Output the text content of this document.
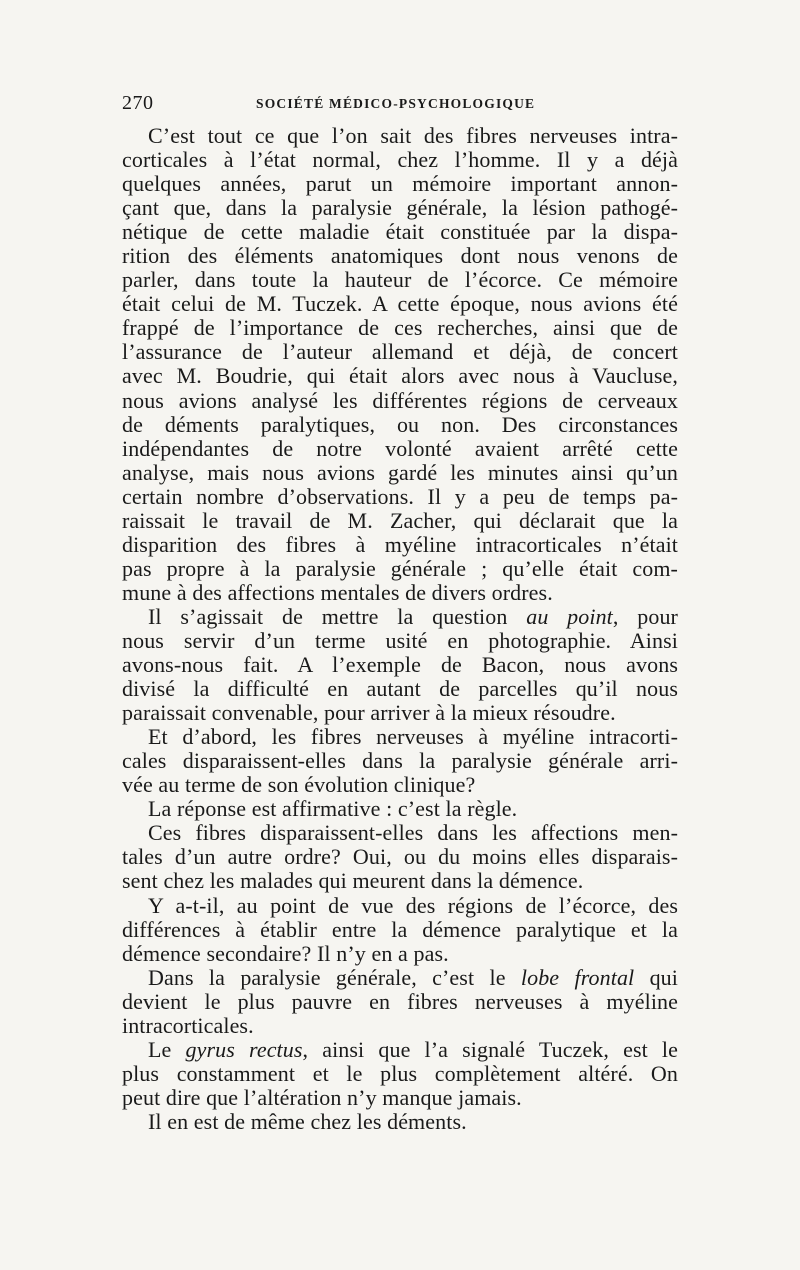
270	SOCIÉTÉ MÉDICO-PSYCHOLOGIQUE
C’est tout ce que l’on sait des fibres nerveuses intra-
corticales à l’état normal, chez l’homme. Il y a déjà
quelques années, parut un mémoire important annon-
çant que, dans la paralysie générale, la lésion pathogé-
nétique de cette maladie était constituée par la dispa-
rition des éléments anatomiques dont nous venons de
parler, dans toute la hauteur de l’écorce. Ce mémoire
était celui de M. Tuczek. A cette époque, nous avions été
frappé de l’importance de ces recherches, ainsi que de
l’assurance de l’auteur allemand et déjà, de concert
avec M. Boudrie, qui était alors avec nous à Vaucluse,
nous avions analysé les différentes régions de cerveaux
de déments paralytiques, ou non. Des circonstances
indépendantes de notre volonté avaient arrêté cette
analyse, mais nous avions gardé les minutes ainsi qu’un
certain nombre d’observations. Il y a peu de temps pa-
raissait le travail de M. Zacher, qui déclarait que la
disparition des fibres à myéline intracorticales n’était
pas propre à la paralysie générale ; qu’elle était com-
mune à des affections mentales de divers ordres.
Il s’agissait de mettre la question au point, pour
nous servir d’un terme usité en photographie. Ainsi
avons-nous fait. A l’exemple de Bacon, nous avons
divisé la difficulté en autant de parcelles qu’il nous
paraissait convenable, pour arriver à la mieux résoudre.
Et d’abord, les fibres nerveuses à myéline intracorti-
cales disparaissent-elles dans la paralysie générale arri-
vée au terme de son évolution clinique?
La réponse est affirmative : c’est la règle.
Ces fibres disparaissent-elles dans les affections men-
tales d’un autre ordre? Oui, ou du moins elles disparais-
sent chez les malades qui meurent dans la démence.
Y a-t-il, au point de vue des régions de l’écorce, des
différences à établir entre la démence paralytique et la
démence secondaire? Il n’y en a pas.
Dans la paralysie générale, c’est le lobe frontal qui
devient le plus pauvre en fibres nerveuses à myéline
intracorticales.
Le gyrus rectus, ainsi que l’a signalé Tuczek, est le
plus constamment et le plus complètement altéré. On
peut dire que l’altération n’y manque jamais.
Il en est de même chez les déments.
